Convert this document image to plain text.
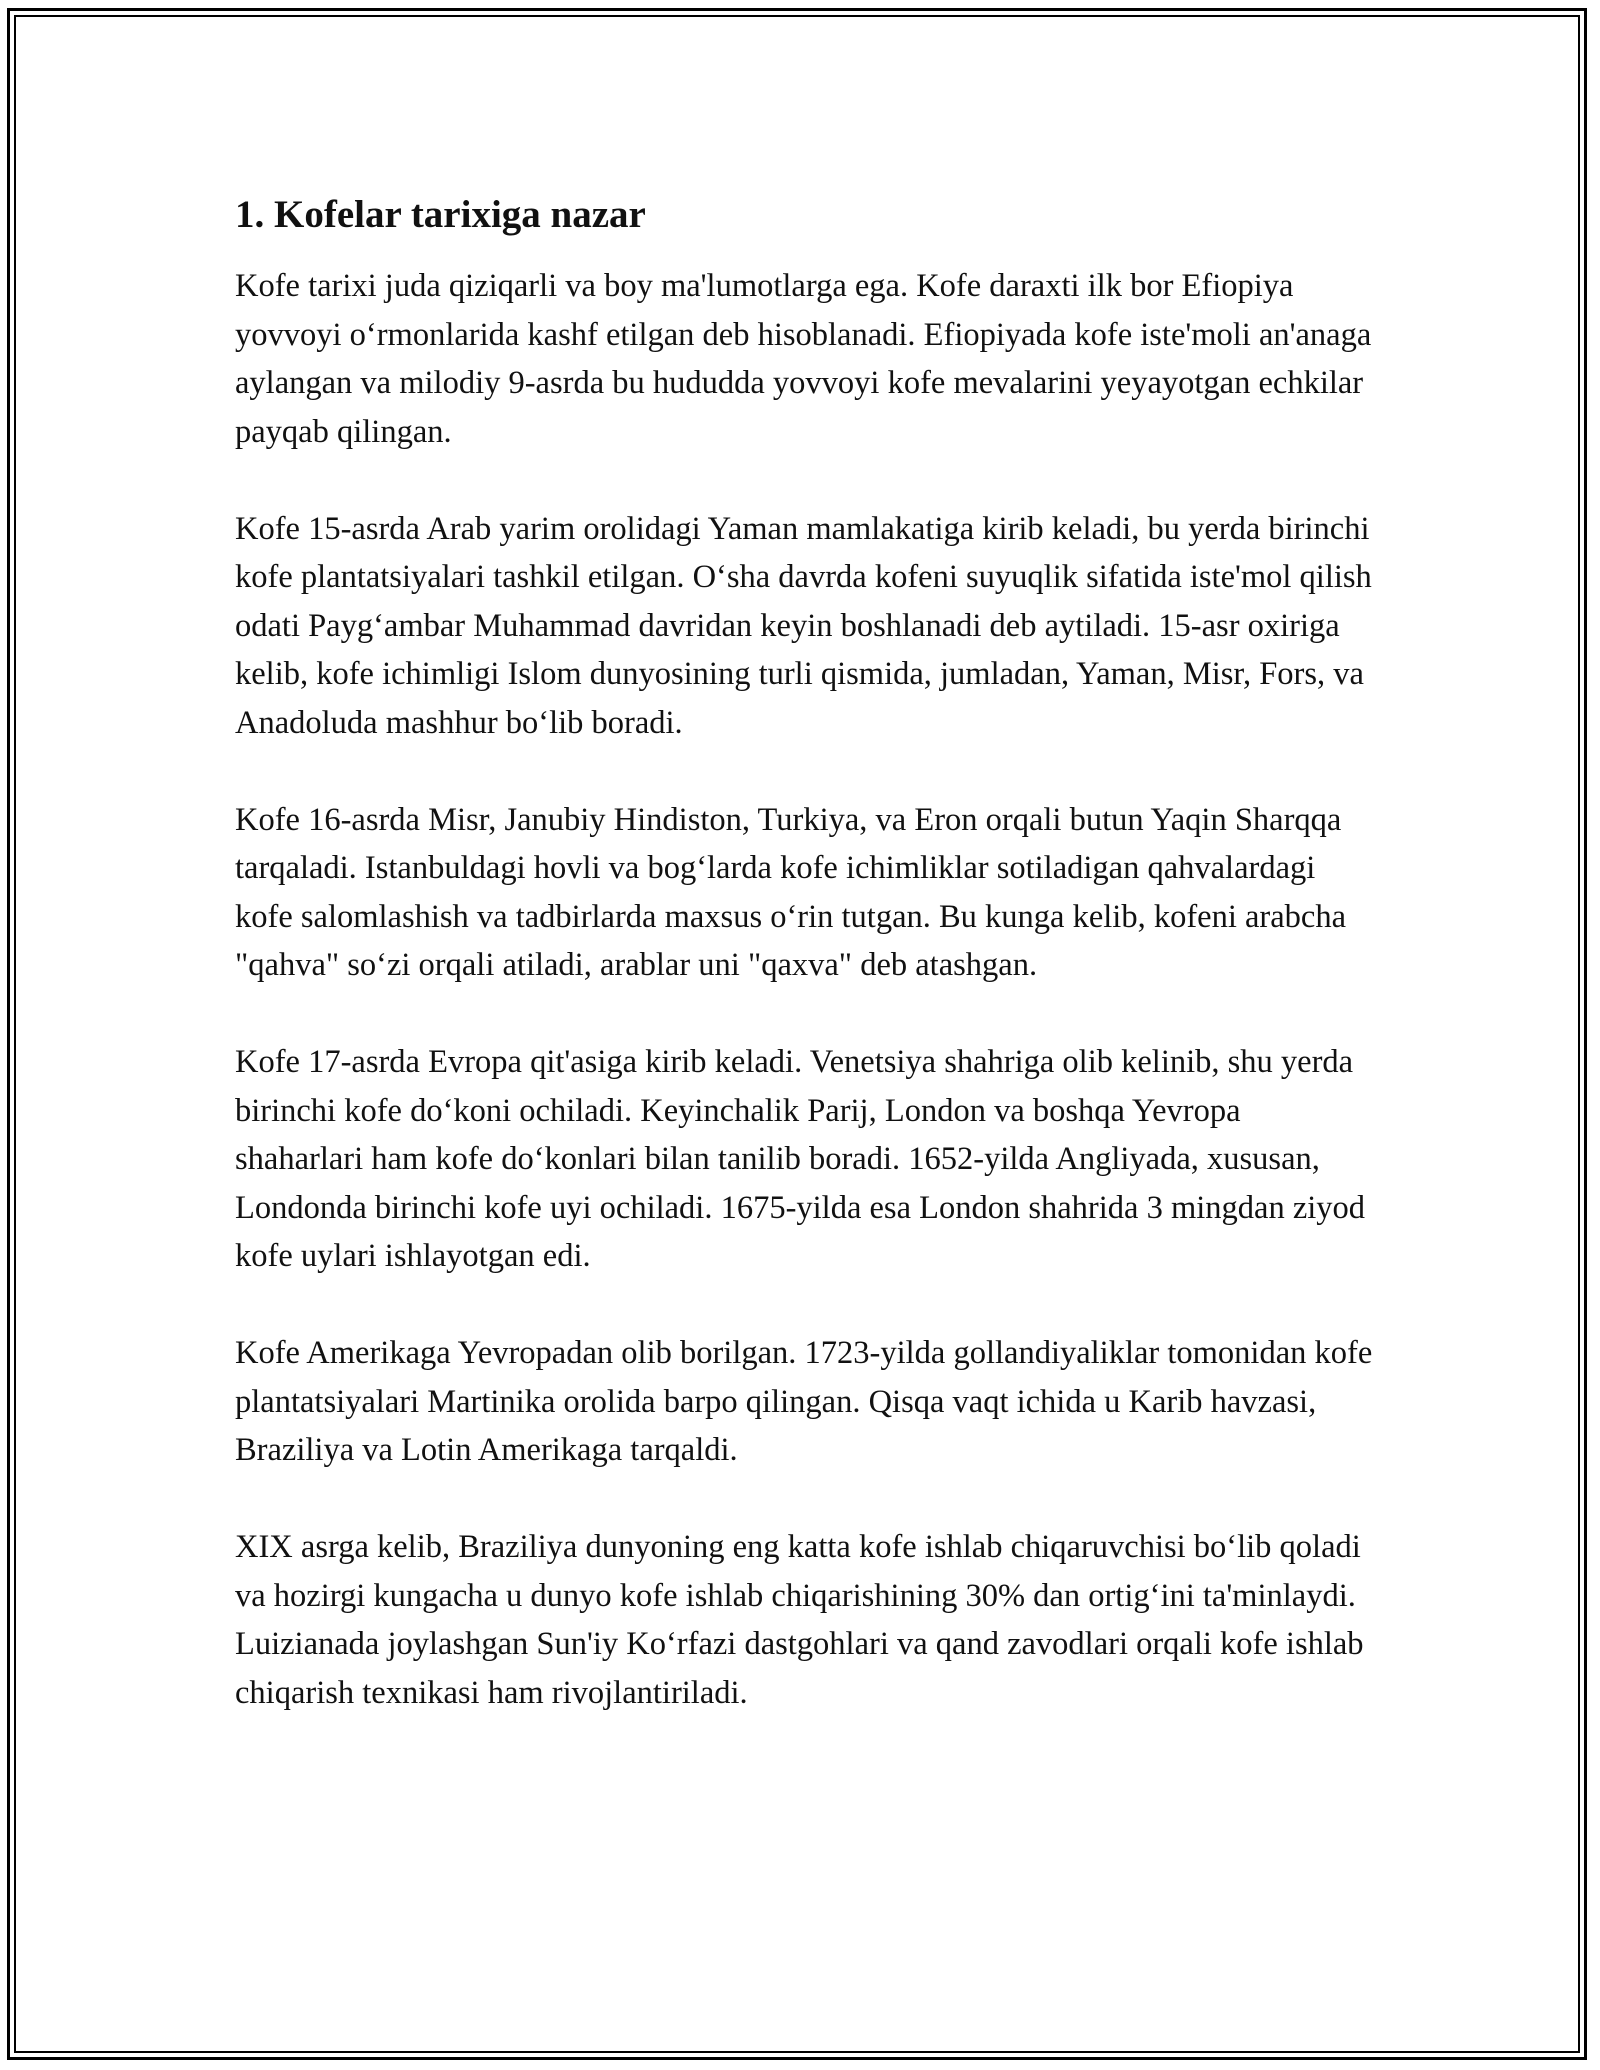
1. Kofelar tarixiga nazar

Kofe tarixi juda qiziqarli va boy ma'lumotlarga ega. Kofe daraxti ilk bor Efiopiya yovvoyi o‘rmonlarida kashf etilgan deb hisoblanadi. Efiopiyada kofe iste'moli an'anaga aylangan va milodiy 9-asrda bu hududda yovvoyi kofe mevalarini yeyayotgan echkilar payqab qilingan.

Kofe 15-asrda Arab yarim orolidagi Yaman mamlakatiga kirib keladi, bu yerda birinchi kofe plantatsiyalari tashkil etilgan. O‘sha davrda kofeni suyuqlik sifatida iste'mol qilish odati Payg‘ambar Muhammad davridan keyin boshlanadi deb aytiladi. 15-asr oxiriga kelib, kofe ichimligi Islom dunyosining turli qismida, jumladan, Yaman, Misr, Fors, va Anadoluda mashhur bo‘lib boradi.

Kofe 16-asrda Misr, Janubiy Hindiston, Turkiya, va Eron orqali butun Yaqin Sharqqa tarqaladi. Istanbuldagi hovli va bog‘larda kofe ichimliklar sotiladigan qahvalardagi kofe salomlashish va tadbirlarda maxsus o‘rin tutgan. Bu kunga kelib, kofeni arabcha "qahva" so‘zi orqali atiladi, arablar uni "qaxva" deb atashgan.

Kofe 17-asrda Evropa qit'asiga kirib keladi. Venetsiya shahriga olib kelinib, shu yerda birinchi kofe do‘koni ochiladi. Keyinchalik Parij, London va boshqa Yevropa shaharlari ham kofe do‘konlari bilan tanilib boradi. 1652-yilda Angliyada, xususan, Londonda birinchi kofe uyi ochiladi. 1675-yilda esa London shahrida 3 mingdan ziyod kofe uylari ishlayotgan edi.

Kofe Amerikaga Yevropadan olib borilgan. 1723-yilda gollandiyaliklar tomonidan kofe plantatsiyalari Martinika orolida barpo qilingan. Qisqa vaqt ichida u Karib havzasi, Braziliya va Lotin Amerikaga tarqaldi.

XIX asrga kelib, Braziliya dunyoning eng katta kofe ishlab chiqaruvchisi bo‘lib qoladi va hozirgi kungacha u dunyo kofe ishlab chiqarishining 30% dan ortig‘ini ta'minlaydi. Luizianada joylashgan Sun'iy Ko‘rfazi dastgohlari va qand zavodlari orqali kofe ishlab chiqarish texnikasi ham rivojlantiriladi.
